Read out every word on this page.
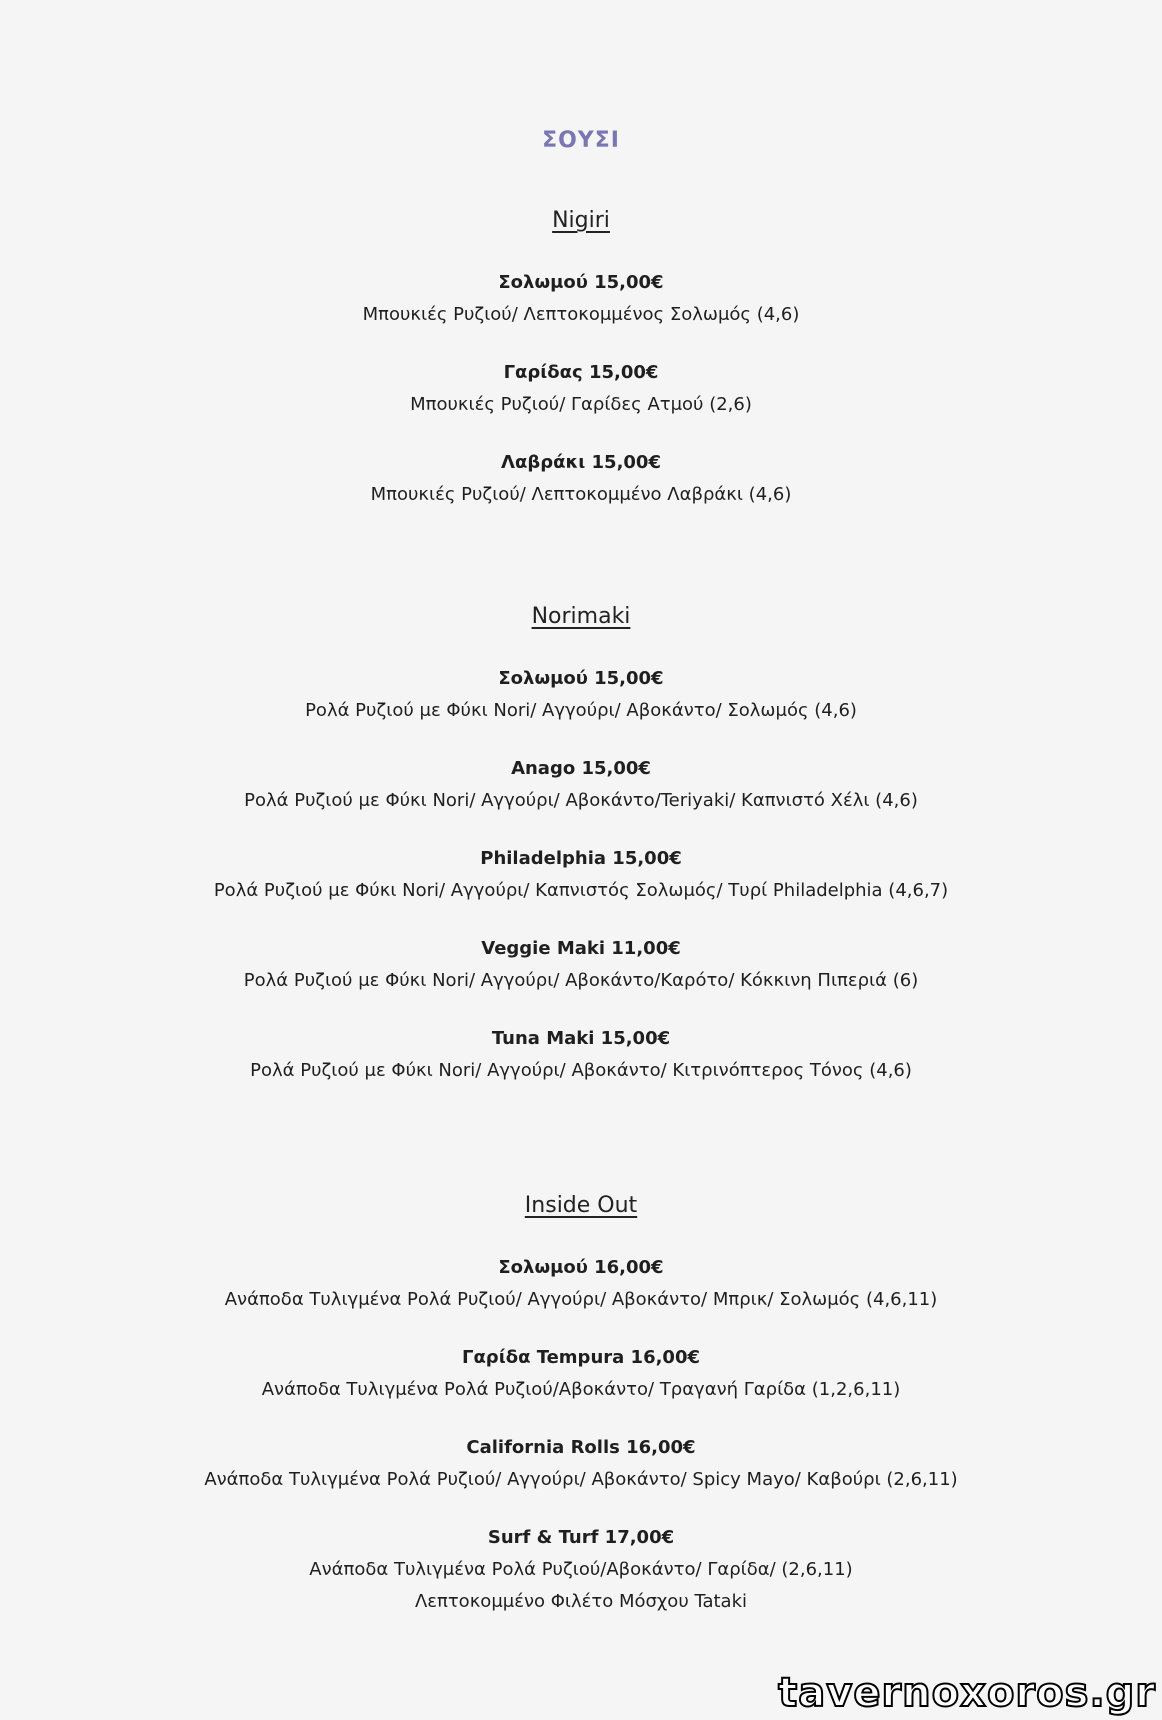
ΣΟΥΣΙ
Nigiri
Σολωμού 15,00€
Μπουκιές Ρυζιού/ Λεπτοκομμένος Σολωμός (4,6)
Γαρίδας 15,00€
Μπουκιές Ρυζιού/ Γαρίδες Ατμού (2,6)
Λαβράκι 15,00€
Μπουκιές Ρυζιού/ Λεπτοκομμένο Λαβράκι (4,6)
Norimaki
Σολωμού 15,00€
Ρολά Ρυζιού με Φύκι Nori/ Αγγούρι/ Αβοκάντο/ Σολωμός (4,6)
Anago 15,00€
Ρολά Ρυζιού με Φύκι Nori/ Αγγούρι/ Αβοκάντο/Teriyaki/ Καπνιστό Χέλι (4,6)
Philadelphia 15,00€
Ρολά Ρυζιού με Φύκι Nori/ Αγγούρι/ Καπνιστός Σολωμός/ Τυρί Philadelphia (4,6,7)
Veggie Maki 11,00€
Ρολά Ρυζιού με Φύκι Nori/ Αγγούρι/ Αβοκάντο/Καρότο/ Κόκκινη Πιπεριά (6)
Tuna Maki 15,00€
Ρολά Ρυζιού με Φύκι Nori/ Αγγούρι/ Αβοκάντο/ Κιτρινόπτερος Τόνος (4,6)
Inside Out
Σολωμού 16,00€
Ανάποδα Τυλιγμένα Ρολά Ρυζιού/ Αγγούρι/ Αβοκάντο/ Μπρικ/ Σολωμός (4,6,11)
Γαρίδα Tempura 16,00€
Ανάποδα Τυλιγμένα Ρολά Ρυζιού/Αβοκάντο/ Τραγανή Γαρίδα (1,2,6,11)
California Rolls 16,00€
Ανάποδα Τυλιγμένα Ρολά Ρυζιού/ Αγγούρι/ Αβοκάντο/ Spicy Mayo/ Καβούρι (2,6,11)
Surf & Turf 17,00€
Ανάποδα Τυλιγμένα Ρολά Ρυζιού/Αβοκάντο/ Γαρίδα/ (2,6,11)
Λεπτοκομμένο Φιλέτο Μόσχου Tataki
tavernoxoros.gr
